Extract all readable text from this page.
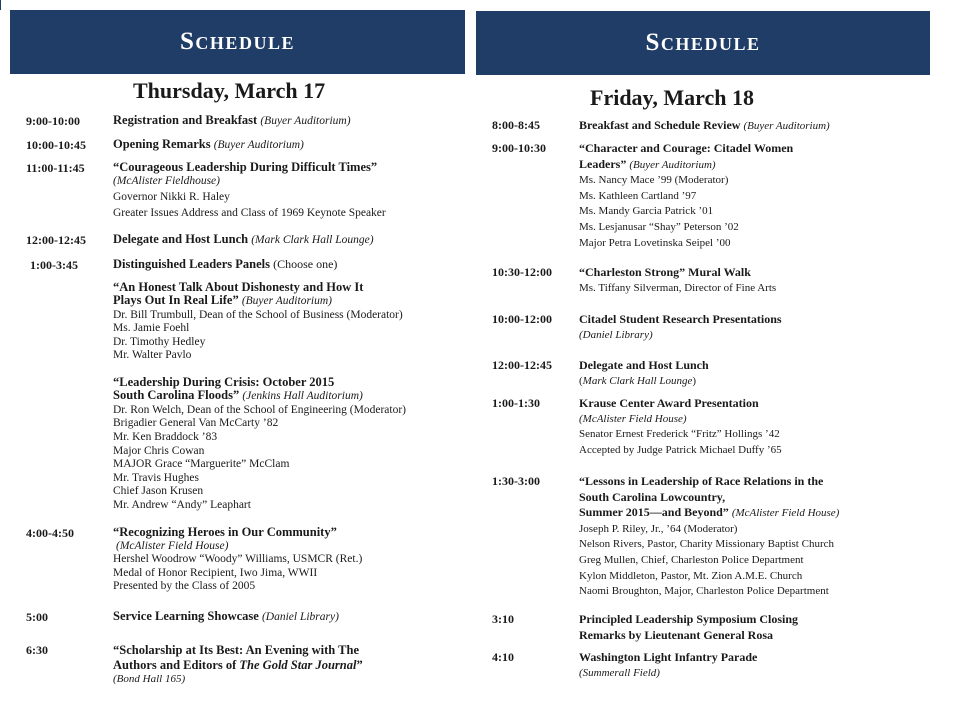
Schedule	Schedule
Thursday, March 17	Friday, March 18
9:00-10:00	Registration and Breakfast (Buyer Auditorium)

10:00-10:45 Opening Remarks (Buyer Auditorium)

11:00-11:45 “Courageous Leadership During Difficult Times”

(McAlister Fieldhouse)
Governor Nikki R. Haley
Greater Issues Address and Class of 1969 Keynote Speaker
12:00-12:45 Delegate and Host Lunch (Mark Clark Hall Lounge)

1:00-3:45	Distinguished Leaders Panels (Choose one)

“An Honest Talk About Dishonesty and How It

Plays Out In Real Life” (Buyer Auditorium)

Dr. Bill Trumbull, Dean of the School of Business (Moderator)
Ms. Jamie Foehl
Dr. Timothy Hedley
Mr. Walter Pavlo

“Leadership During Crisis: October 2015

South Carolina Floods” (Jenkins Hall Auditorium)

Dr. Ron Welch, Dean of the School of Engineering (Moderator)
Brigadier General Van McCarty ’82
Mr. Ken Braddock ’83
Major Chris Cowan
MAJOR Grace “Marguerite” McClam
Mr. Travis Hughes
Chief Jason Krusen
Mr. Andrew “Andy” Leaphart
4:00-4:50	“Recognizing Heroes in Our Community”

(McAlister Field House)
Hershel Woodrow “Woody” Williams, USMCR (Ret.)
Medal of Honor Recipient, Iwo Jima, WWII
Presented by the Class of 2005
5:00	Service Learning Showcase (Daniel Library)

6:30	“Scholarship at Its Best: An Evening with The

Authors and Editors of The Gold Star Journal”

(Bond Hall 165)
8:00-8:45	Breakfast and Schedule Review (Buyer Auditorium)

9:00-10:30	“Character and Courage: Citadel Women

Leaders” (Buyer Auditorium)

Ms. Nancy Mace ’99 (Moderator)
Ms. Kathleen Cartland ’97
Ms. Mandy Garcia Patrick ’01
Ms. Lesjanusar “Shay” Peterson ’02
Major Petra Lovetinska Seipel ’00
10:30-12:00 “Charleston Strong” Mural Walk

Ms. Tiffany Silverman, Director of Fine Arts
10:00-12:00 Citadel Student Research Presentations

(Daniel Library)
12:00-12:45 Delegate and Host Lunch

(Mark Clark Hall Lounge)
1:00-1:30	Krause Center Award Presentation

(McAlister Field House)
Senator Ernest Frederick “Fritz” Hollings ’42
Accepted by Judge Patrick Michael Duffy ’65
1:30-3:00	“Lessons in Leadership of Race Relations in the

South Carolina Lowcountry,

Summer 2015—and Beyond” (McAlister Field House)

Joseph P. Riley, Jr., ’64 (Moderator)
Nelson Rivers, Pastor, Charity Missionary Baptist Church
Greg Mullen, Chief, Charleston Police Department
Kylon Middleton, Pastor, Mt. Zion A.M.E. Church
Naomi Broughton, Major, Charleston Police Department
3:10	Principled Leadership Symposium Closing

Remarks by Lieutenant General Rosa

4:10	Washington Light Infantry Parade

(Summerall Field)
